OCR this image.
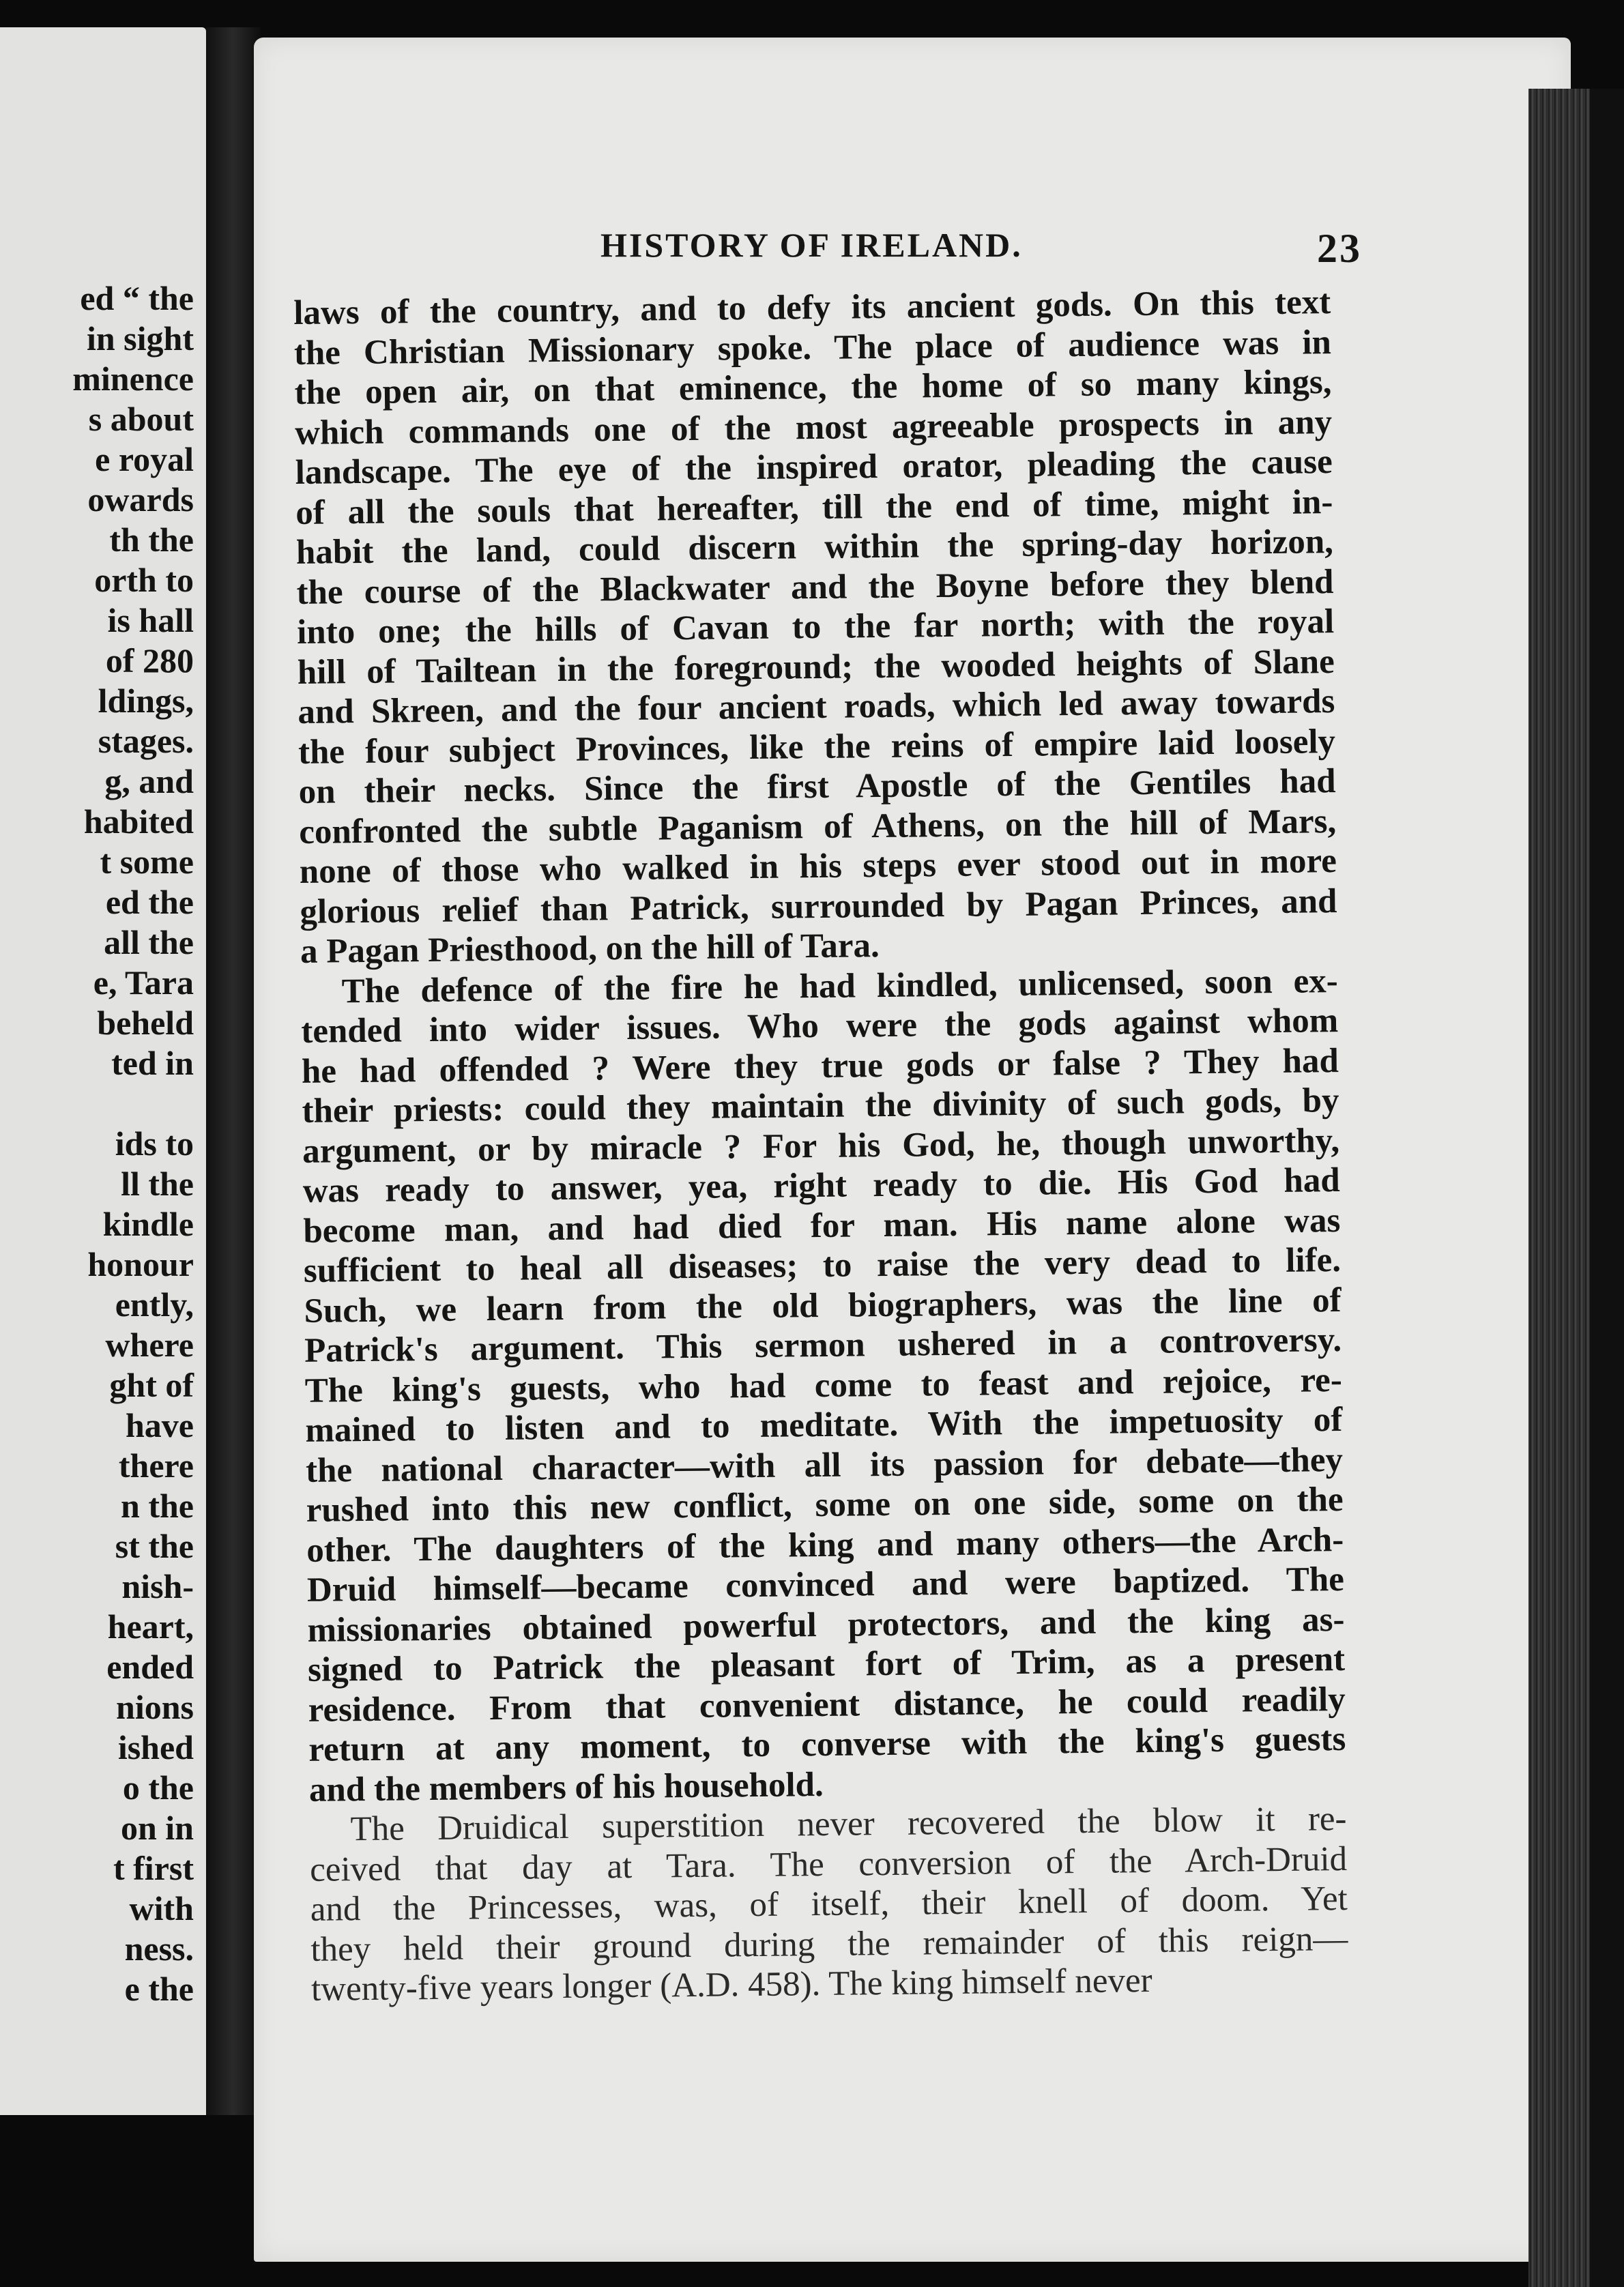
ed “ the
in sight
minence
s about
e royal
owards
th the
orth to
is hall
of 280
ldings,
stages.
g, and
habited
t some
ed the
all the
e, Tara
beheld
ted in
ids to
ll the
kindle
honour
ently,
where
ght of
have
there
n the
st the
nish-
heart,
ended
nions
ished
o the
on in
t first
with
ness.
e the
HISTORY OF IRELAND.	23
laws of the country, and to defy its ancient gods. On this text
the Christian Missionary spoke. The place of audience was in
the open air, on that eminence, the home of so many kings,
which commands one of the most agreeable prospects in any
landscape. The eye of the inspired orator, pleading the cause
of all the souls that hereafter, till the end of time, might in-
habit the land, could discern within the spring-day horizon,
the course of the Blackwater and the Boyne before they blend
into one; the hills of Cavan to the far north; with the royal
hill of Tailtean in the foreground; the wooded heights of Slane
and Skreen, and the four ancient roads, which led away towards
the four subject Provinces, like the reins of empire laid loosely
on their necks. Since the first Apostle of the Gentiles had
confronted the subtle Paganism of Athens, on the hill of Mars,
none of those who walked in his steps ever stood out in more
glorious relief than Patrick, surrounded by Pagan Princes, and
a Pagan Priesthood, on the hill of Tara.
The defence of the fire he had kindled, unlicensed, soon ex-
tended into wider issues. Who were the gods against whom
he had offended ? Were they true gods or false ? They had
their priests: could they maintain the divinity of such gods, by
argument, or by miracle ? For his God, he, though unworthy,
was ready to answer, yea, right ready to die. His God had
become man, and had died for man. His name alone was
sufficient to heal all diseases; to raise the very dead to life.
Such, we learn from the old biographers, was the line of
Patrick's argument. This sermon ushered in a controversy.
The king's guests, who had come to feast and rejoice, re-
mained to listen and to meditate. With the impetuosity of
the national character—with all its passion for debate—they
rushed into this new conflict, some on one side, some on the
other. The daughters of the king and many others—the Arch-
Druid himself—became convinced and were baptized. The
missionaries obtained powerful protectors, and the king as-
signed to Patrick the pleasant fort of Trim, as a present
residence. From that convenient distance, he could readily
return at any moment, to converse with the king's guests
and the members of his household.
The Druidical superstition never recovered the blow it re-
ceived that day at Tara. The conversion of the Arch-Druid
and the Princesses, was, of itself, their knell of doom. Yet
they held their ground during the remainder of this reign—
twenty-five years longer (A.D. 458). The king himself never
